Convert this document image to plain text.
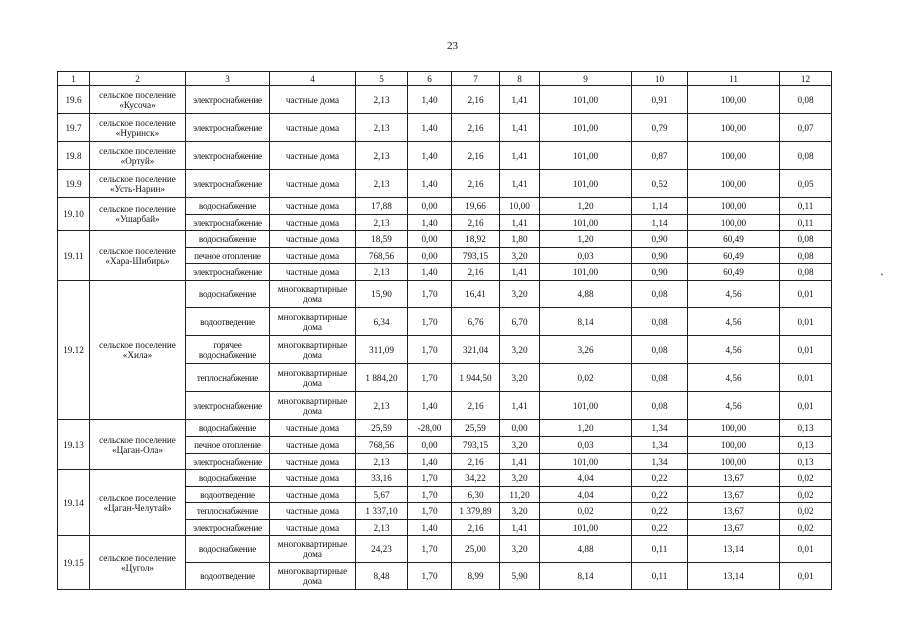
23
1	2	3	4	5	6	7	8	9	10	11	12
19.6	сельское поселение «Кусоча»	электроснабжение	частные дома	2,13	1,40	2,16	1,41	101,00	0,91	100,00	0,08
19.7	сельское поселение «Нуринск»	электроснабжение	частные дома	2,13	1,40	2,16	1,41	101,00	0,79	100,00	0,07
19.8	сельское поселение «Ортуй»	электроснабжение	частные дома	2,13	1,40	2,16	1,41	101,00	0,87	100,00	0,08
19.9	сельское поселение «Усть-Нарин»	электроснабжение	частные дома	2,13	1,40	2,16	1,41	101,00	0,52	100,00	0,05
19.10	сельское поселение «Ушарбай»	водоснабжение	частные дома	17,88	0,00	19,66	10,00	1,20	1,14	100,00	0,11
		электроснабжение	частные дома	2,13	1,40	2,16	1,41	101,00	1,14	100,00	0,11
19.11	сельское поселение «Хара-Шибирь»	водоснабжение	частные дома	18,59	0,00	18,92	1,80	1,20	0,90	60,49	0,08
		печное отопление	частные дома	768,56	0,00	793,15	3,20	0,03	0,90	60,49	0,08
		электроснабжение	частные дома	2,13	1,40	2,16	1,41	101,00	0,90	60,49	0,08
19.12	сельское поселение «Хила»	водоснабжение	многоквартирные дома	15,90	1,70	16,41	3,20	4,88	0,08	4,56	0,01
		водоотведение	многоквартирные дома	6,34	1,70	6,76	6,70	8,14	0,08	4,56	0,01
		горячее водоснабжение	многоквартирные дома	311,09	1,70	321,04	3,20	3,26	0,08	4,56	0,01
		теплоснабжение	многоквартирные дома	1 884,20	1,70	1 944,50	3,20	0,02	0,08	4,56	0,01
		электроснабжение	многоквартирные дома	2,13	1,40	2,16	1,41	101,00	0,08	4,56	0,01
19.13	сельское поселение «Цаган-Ола»	водоснабжение	частные дома	25,59	-28,00	25,59	0,00	1,20	1,34	100,00	0,13
		печное отопление	частные дома	768,56	0,00	793,15	3,20	0,03	1,34	100,00	0,13
		электроснабжение	частные дома	2,13	1,40	2,16	1,41	101,00	1,34	100,00	0,13
19.14	сельское поселение «Цаган-Челутай»	водоснабжение	частные дома	33,16	1,70	34,22	3,20	4,04	0,22	13,67	0,02
		водоотведение	частные дома	5,67	1,70	6,30	11,20	4,04	0,22	13,67	0,02
		теплоснабжение	частные дома	1 337,10	1,70	1 379,89	3,20	0,02	0,22	13,67	0,02
		электроснабжение	частные дома	2,13	1,40	2,16	1,41	101,00	0,22	13,67	0,02
19.15	сельское поселение «Цугол»	водоснабжение	многоквартирные дома	24,23	1,70	25,00	3,20	4,88	0,11	13,14	0,01
		водоотведение	многоквартирные дома	8,48	1,70	8,99	5,90	8,14	0,11	13,14	0,01
`
